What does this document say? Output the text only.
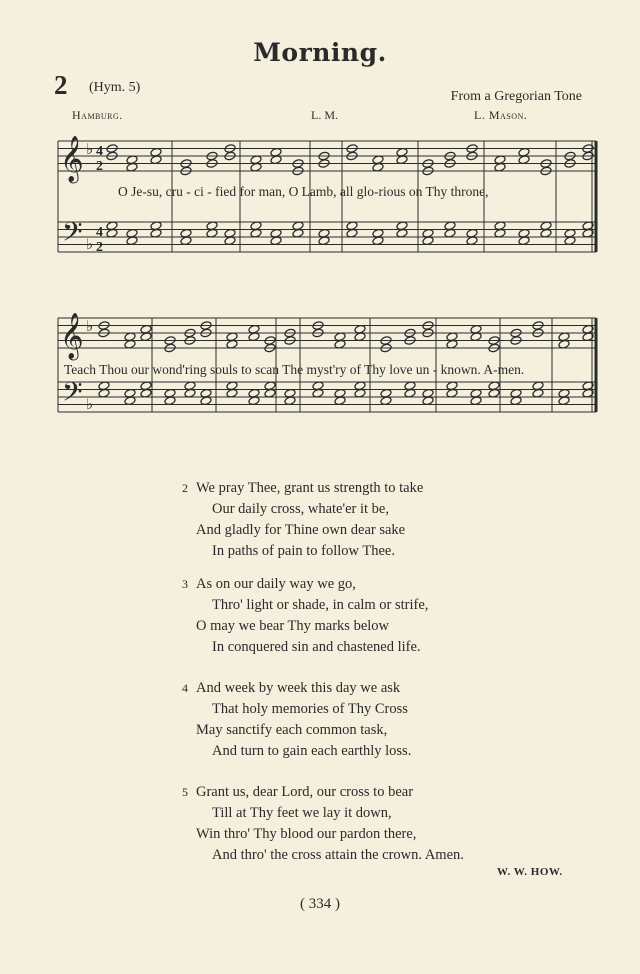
Morning.
2 (Hym. 5)
From a Gregorian Tone
Hamburg.	L. M.	L. Mason.
𝄞
𝄢
♭
♭
4
2
4
2
𝄞
𝄢
♭
♭
O Je-su, cru - ci - fied for man, O Lamb, all glo-rious on Thy throne,
Teach Thou our wond'ring souls to scan The myst'ry of Thy love un - known. A-men.
2 We pray Thee, grant us strength to take
Our daily cross, whate'er it be,
And gladly for Thine own dear sake
In paths of pain to follow Thee.
3 As on our daily way we go,
Thro' light or shade, in calm or strife,
O may we bear Thy marks below
In conquered sin and chastened life.
4 And week by week this day we ask
That holy memories of Thy Cross
May sanctify each common task,
And turn to gain each earthly loss.
5 Grant us, dear Lord, our cross to bear
Till at Thy feet we lay it down,
Win thro' Thy blood our pardon there,
And thro' the cross attain the crown. Amen.
W. W. HOW.
( 334 )
